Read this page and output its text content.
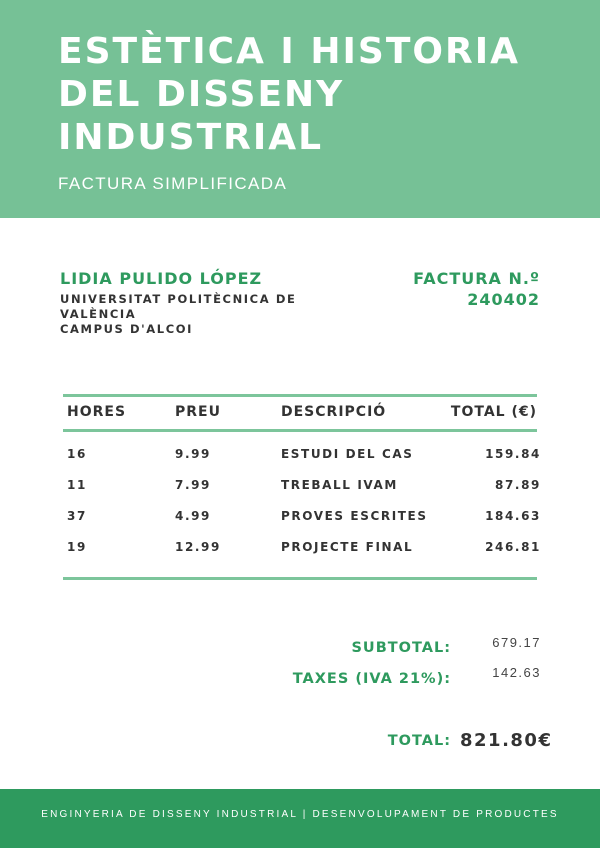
ESTÈTICA I HISTORIA DEL DISSENY INDUSTRIAL

FACTURA SIMPLIFICADA

LIDIA PULIDO LÓPEZ

UNIVERSITAT POLITÈCNICA DE

VALÈNCIA

CAMPUS D'ALCOI

FACTURA N.º

240402

HORES	PREU	DESCRIPCIÓ	TOTAL (€)

16	9.99	ESTUDI DEL CAS	159.84

11	7.99	TREBALL IVAM	87.89

37	4.99	PROVES ESCRITES	184.63

19	12.99	PROJECTE FINAL	246.81

SUBTOTAL:	679.17

TAXES (IVA 21%):	142.63

TOTAL: 821.80€

ENGINYERIA DE DISSENY INDUSTRIAL | DESENVOLUPAMENT DE PRODUCTES
